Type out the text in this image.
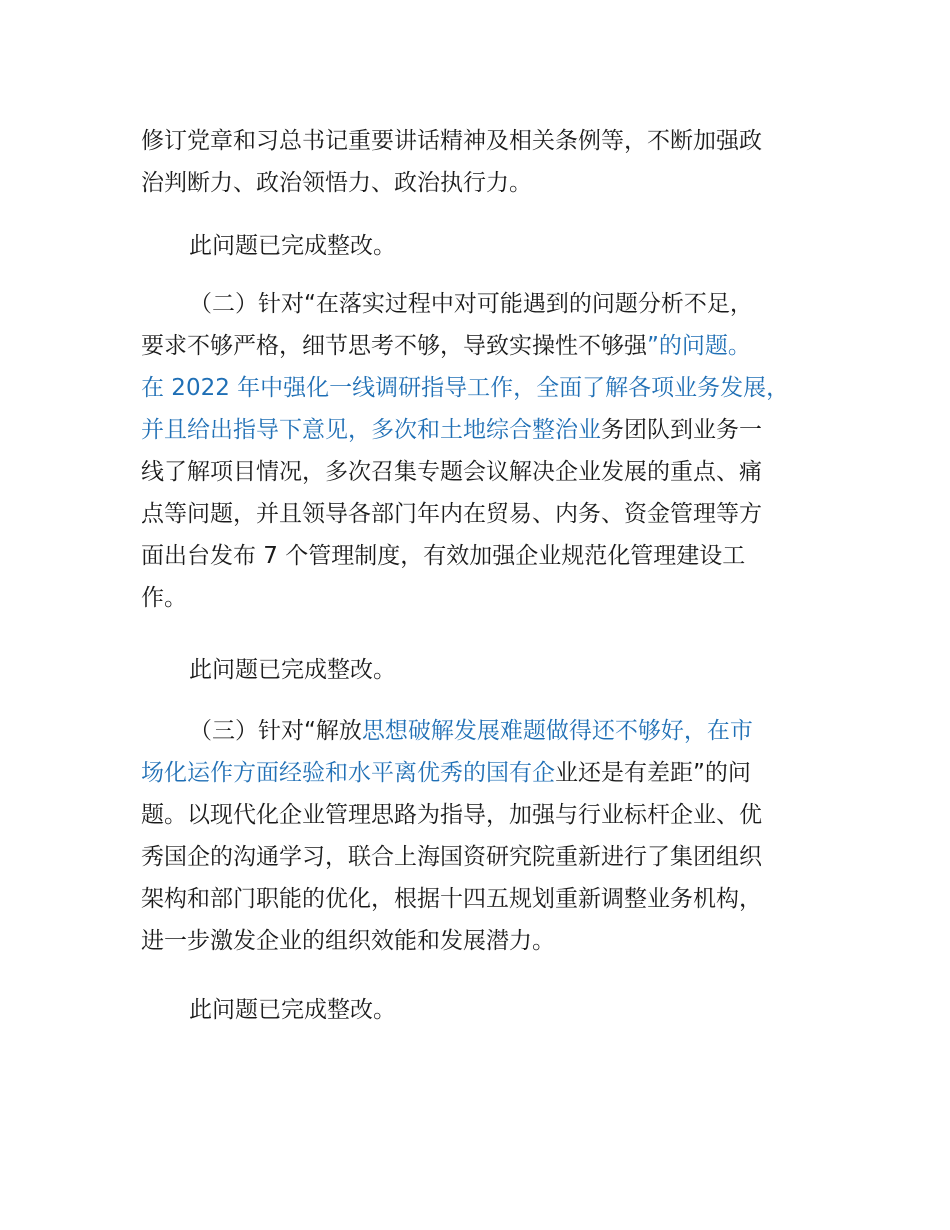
修订党章和习总书记重要讲话精神及相关条例等，不断加强政
治判断力、政治领悟力、政治执行力。
此问题已完成整改。
（二）针对“在落实过程中对可能遇到的问题分析不足，
要求不够严格，细节思考不够，导致实操性不够强”的问题。
在 2022 年中强化一线调研指导工作，全面了解各项业务发展，
并且给出指导下意见，多次和土地综合整治业务团队到业务一
线了解项目情况，多次召集专题会议解决企业发展的重点、痛
点等问题，并且领导各部门年内在贸易、内务、资金管理等方
面出台发布 7 个管理制度，有效加强企业规范化管理建设工
作。
此问题已完成整改。
（三）针对“解放思想破解发展难题做得还不够好，在市
场化运作方面经验和水平离优秀的国有企业还是有差距”的问
题。以现代化企业管理思路为指导，加强与行业标杆企业、优
秀国企的沟通学习，联合上海国资研究院重新进行了集团组织
架构和部门职能的优化，根据十四五规划重新调整业务机构，
进一步激发企业的组织效能和发展潜力。
此问题已完成整改。
